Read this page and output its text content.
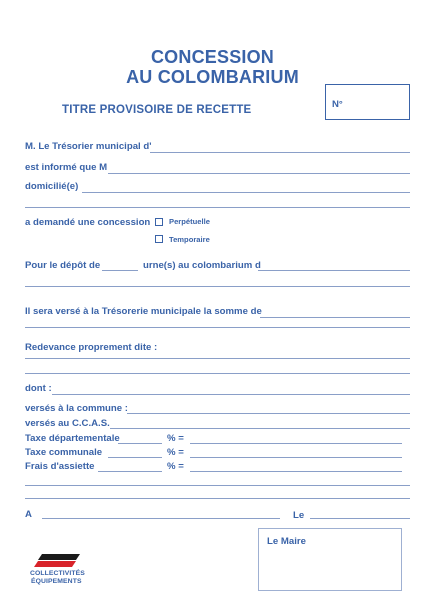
CONCESSION
AU COLOMBARIUM
TITRE PROVISOIRE DE RECETTE	N°
M. Le Trésorier municipal d'
est informé que M
domicilié(e)
a demandé une concession Perpétuelle
Temporaire
Pour le dépôt de	urne(s) au colombarium d
Il sera versé à la Trésorerie municipale la somme de
Redevance proprement dite :
dont :
versés à la commune :
versés au C.C.A.S.
Taxe départementale	% =
Taxe communale	% =
Frais d'assiette	% =
A	Le
Le Maire
COLLECTIVITÉS
ÉQUIPEMENTS
